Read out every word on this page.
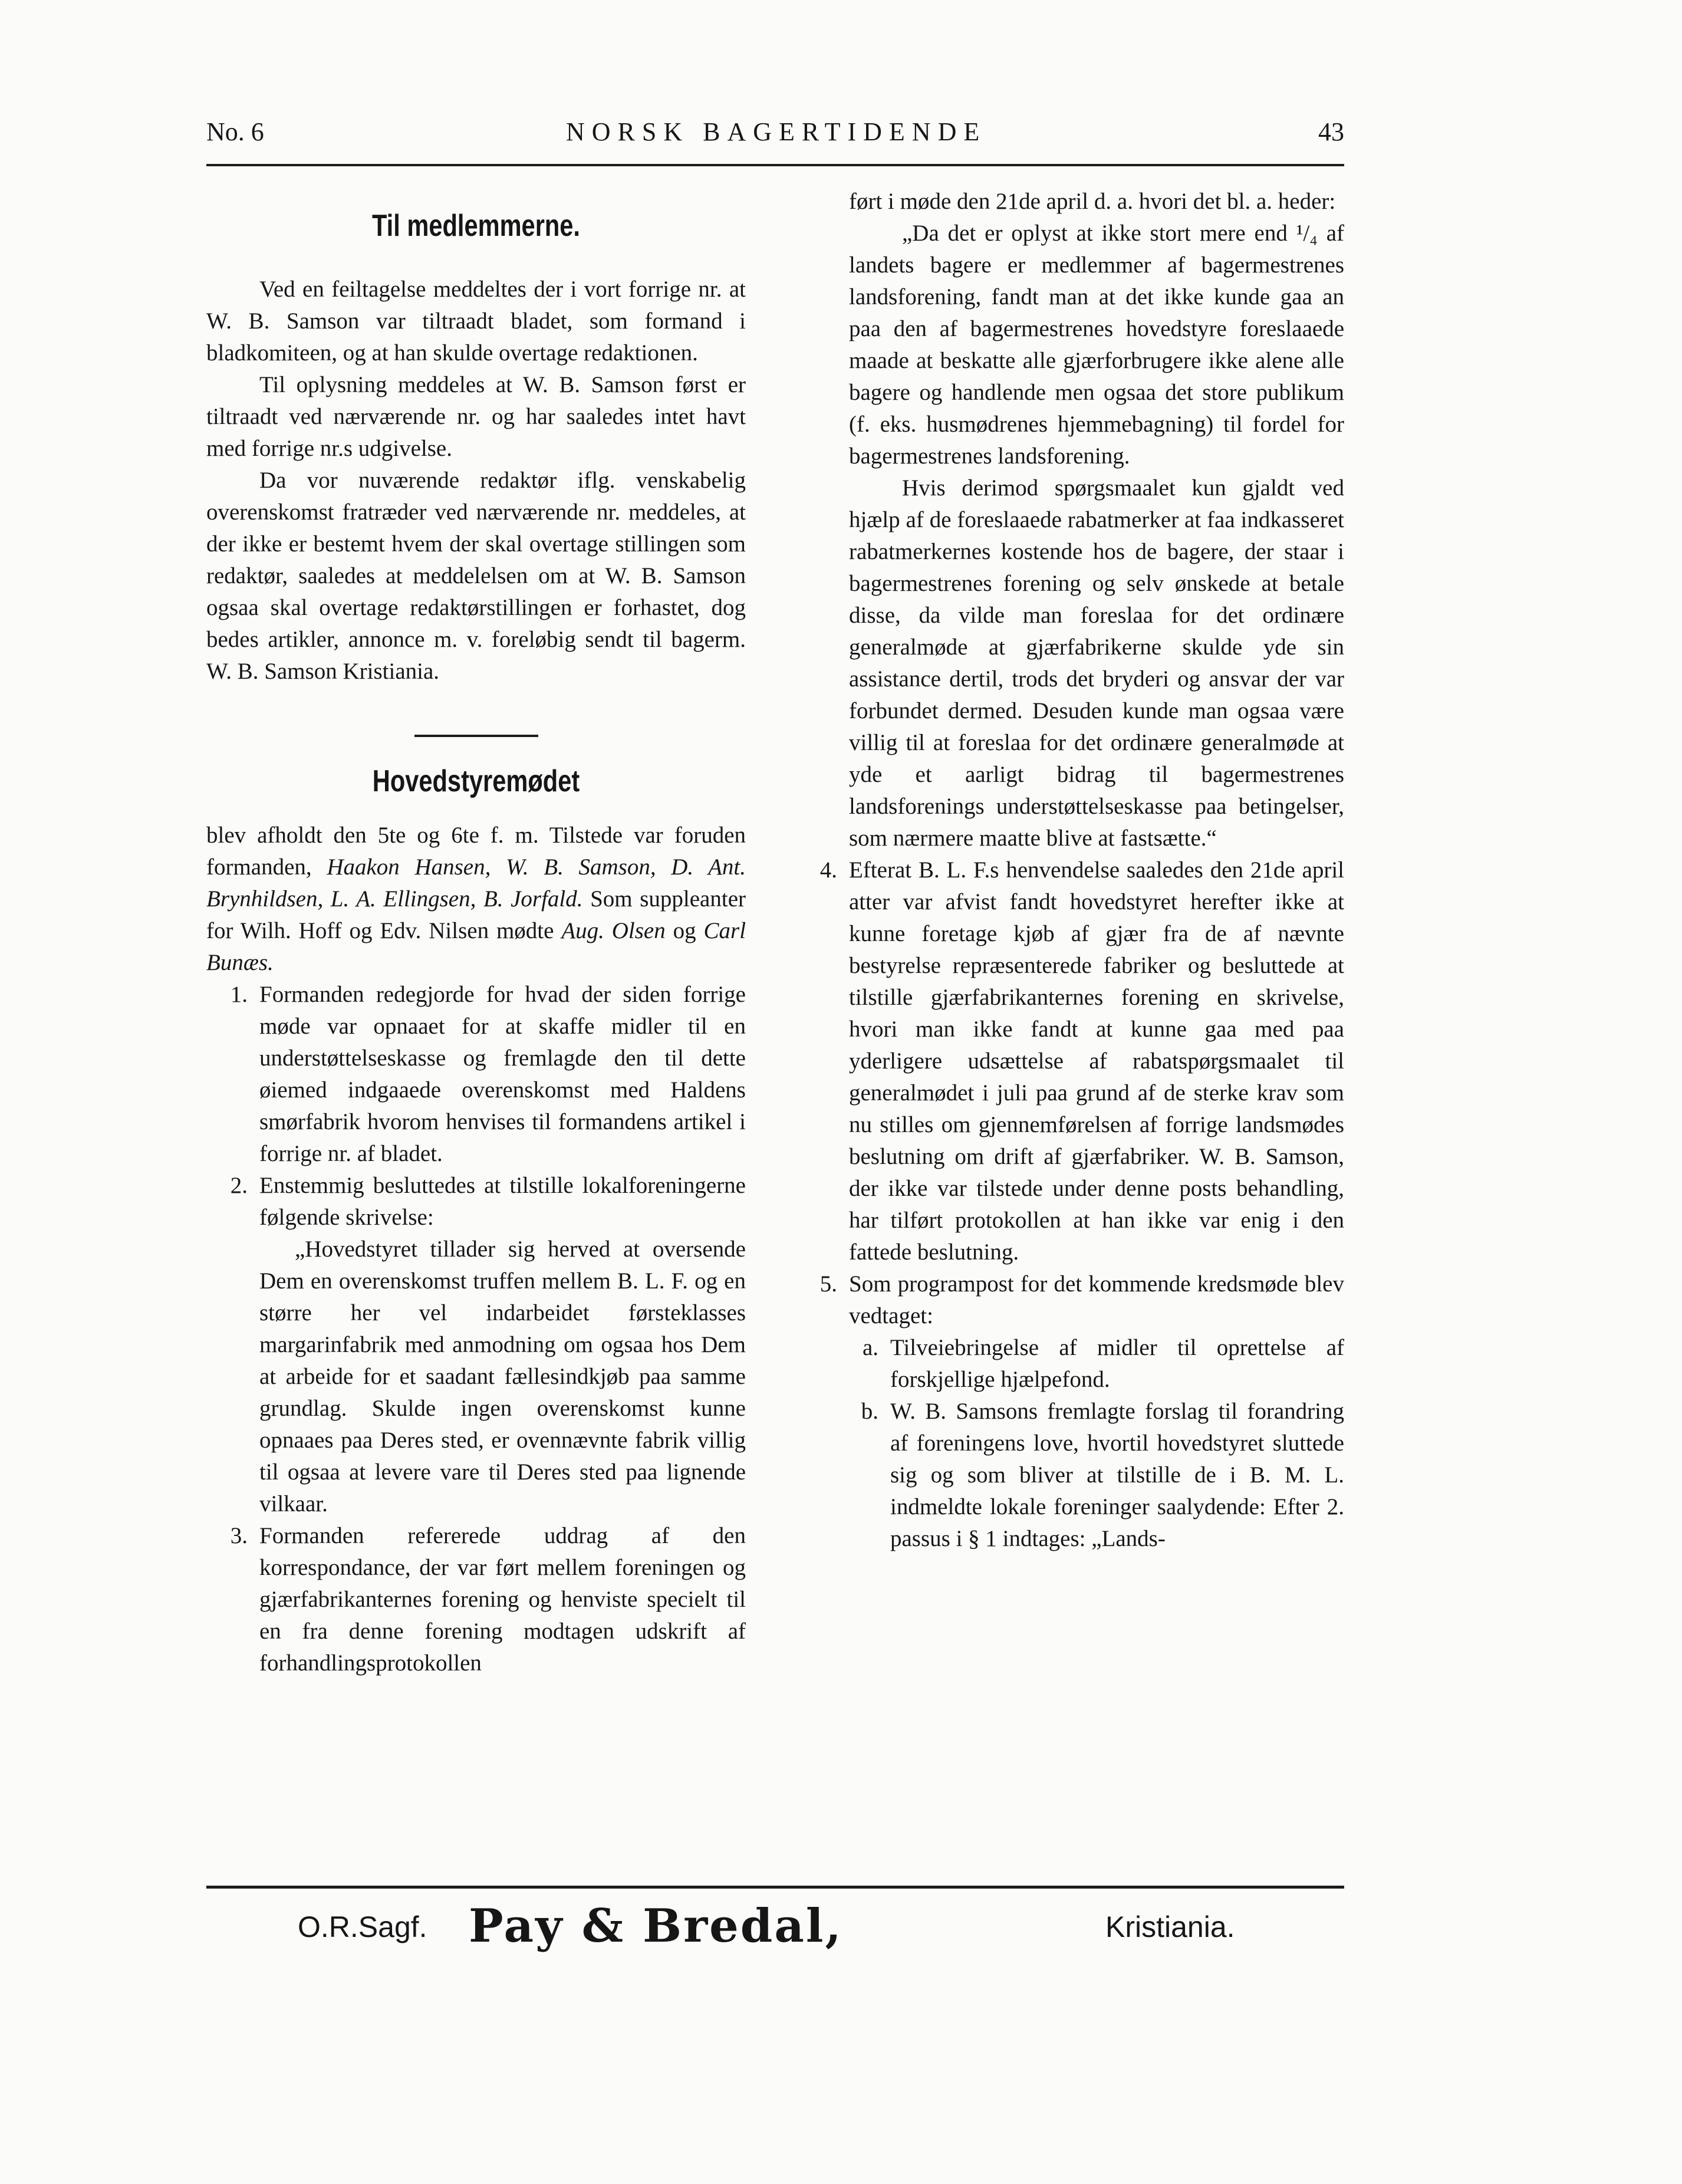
No. 6	NORSK BAGERTIDENDE	43
Til medlemmerne.

Ved en feiltagelse meddeltes der i vort forrige nr. at W. B. Samson var tiltraadt bladet, som formand i bladkomiteen, og at han skulde overtage redaktionen.

Til oplysning meddeles at W. B. Samson først er tiltraadt ved nærværende nr. og har saaledes intet havt med forrige nr.s udgivelse.

Da vor nuværende redaktør iflg. venskabelig overenskomst fratræder ved nærværende nr. meddeles, at der ikke er bestemt hvem der skal overtage stillingen som redaktør, saaledes at meddelelsen om at W. B. Samson ogsaa skal overtage redaktørstillingen er forhastet, dog bedes artikler, annonce m. v. foreløbig sendt til bagerm. W. B. Samson Kristiania.

Hovedstyremødet

blev afholdt den 5te og 6te f. m. Tilstede var foruden formanden, Haakon Hansen, W. B. Samson, D. Ant. Brynhildsen, L. A. Ellingsen, B. Jorfald. Som suppleanter for Wilh. Hoff og Edv. Nilsen mødte Aug. Olsen og Carl Bunæs.

1. Formanden redegjorde for hvad der siden forrige møde var opnaaet for at skaffe midler til en understøttelseskasse og fremlagde den til dette øiemed indgaaede overenskomst med Haldens smørfabrik hvorom henvises til formandens artikel i forrige nr. af bladet.
2. Enstemmig besluttedes at tilstille lokalforeningerne følgende skrivelse:
„Hovedstyret tillader sig herved at oversende Dem en overenskomst truffen mellem B. L. F. og en større her vel indarbeidet førsteklasses margarinfabrik med anmodning om ogsaa hos Dem at arbeide for et saadant fællesindkjøb paa samme grundlag. Skulde ingen overenskomst kunne opnaaes paa Deres sted, er ovennævnte fabrik villig til ogsaa at levere vare til Deres sted paa lignende vilkaar.
3. Formanden refererede uddrag af den korrespondance, der var ført mellem foreningen og gjærfabrikanternes forening og henviste specielt til en fra denne forening modtagen udskrift af forhandlingsprotokollen

ført i møde den 21de april d. a. hvori det bl. a. heder:

„Da det er oplyst at ikke stort mere end ¹/₄ af landets bagere er medlemmer af bagermestrenes landsforening, fandt man at det ikke kunde gaa an paa den af bagermestrenes hovedstyre foreslaaede maade at beskatte alle gjærforbrugere ikke alene alle bagere og handlende men ogsaa det store publikum (f. eks. husmødrenes hjemmebagning) til fordel for bagermestrenes landsforening.

Hvis derimod spørgsmaalet kun gjaldt ved hjælp af de foreslaaede rabatmerker at faa indkasseret rabatmerkernes kostende hos de bagere, der staar i bagermestrenes forening og selv ønskede at betale disse, da vilde man foreslaa for det ordinære generalmøde at gjærfabrikerne skulde yde sin assistance dertil, trods det bryderi og ansvar der var forbundet dermed. Desuden kunde man ogsaa være villig til at foreslaa for det ordinære generalmøde at yde et aarligt bidrag til bagermestrenes landsforenings understøttelseskasse paa betingelser, som nærmere maatte blive at fastsætte.“

4. Efterat B. L. F.s henvendelse saaledes den 21de april atter var afvist fandt hovedstyret herefter ikke at kunne foretage kjøb af gjær fra de af nævnte bestyrelse repræsenterede fabriker og besluttede at tilstille gjærfabrikanternes forening en skrivelse, hvori man ikke fandt at kunne gaa med paa yderligere udsættelse af rabatspørgsmaalet til generalmødet i juli paa grund af de sterke krav som nu stilles om gjennemførelsen af forrige landsmødes beslutning om drift af gjærfabriker. W. B. Samson, der ikke var tilstede under denne posts behandling, har tilført protokollen at han ikke var enig i den fattede beslutning.
5. Som programpost for det kommende kredsmøde blev vedtaget:
a. Tilveiebringelse af midler til oprettelse af forskjellige hjælpefond.
b. W. B. Samsons fremlagte forslag til forandring af foreningens love, hvortil hovedstyret sluttede sig og som bliver at tilstille de i B. M. L. indmeldte lokale foreninger saalydende: Efter 2. passus i § 1 indtages: „Lands-
O.R.Sagf. Pay & Bredal,	Kristiania.
